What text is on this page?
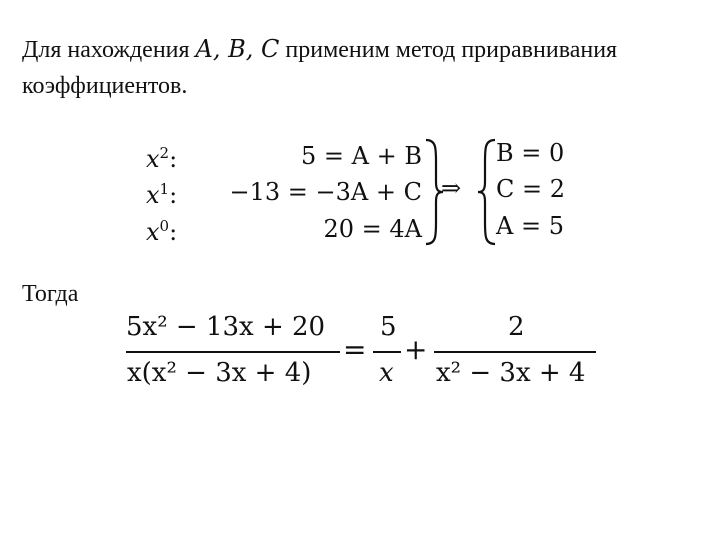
Для нахождения A, B, C применим метод приравнивания
коэффициентов.
$x^2$:
$x^1$:
$x^0$:
5 = A + B
−13 = −3A + C
20 = 4A
⇒
B = 0
C = 2
A = 5
Тогда
5x² − 13x + 20
x(x² − 3x + 4)
=
5
x
+
2
x² − 3x + 4
